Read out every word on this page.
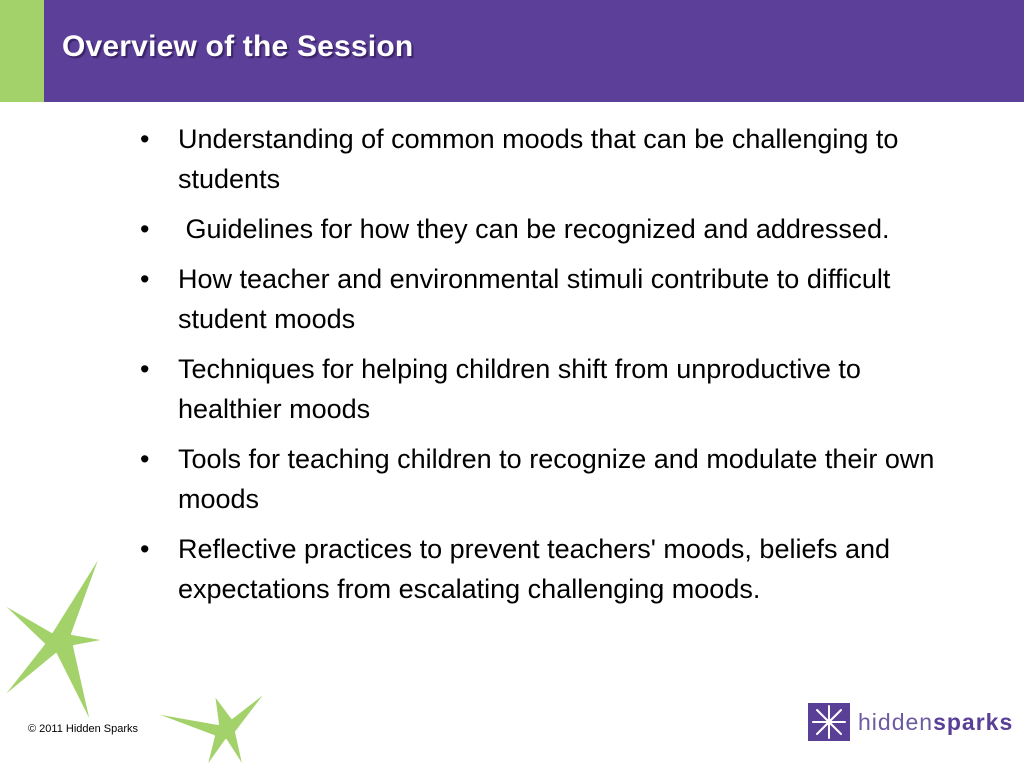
Overview of the Session
•	Understanding of common moods that can be challenging to students
•	Guidelines for how they can be recognized and addressed.
•	How teacher and environmental stimuli contribute to difficult student moods
•	Techniques for helping children shift from unproductive to healthier moods
•	Tools for teaching children to recognize and modulate their own moods
•	Reflective practices to prevent teachers' moods, beliefs and expectations from escalating challenging moods.
© 2011 Hidden Sparks	hiddensparks
